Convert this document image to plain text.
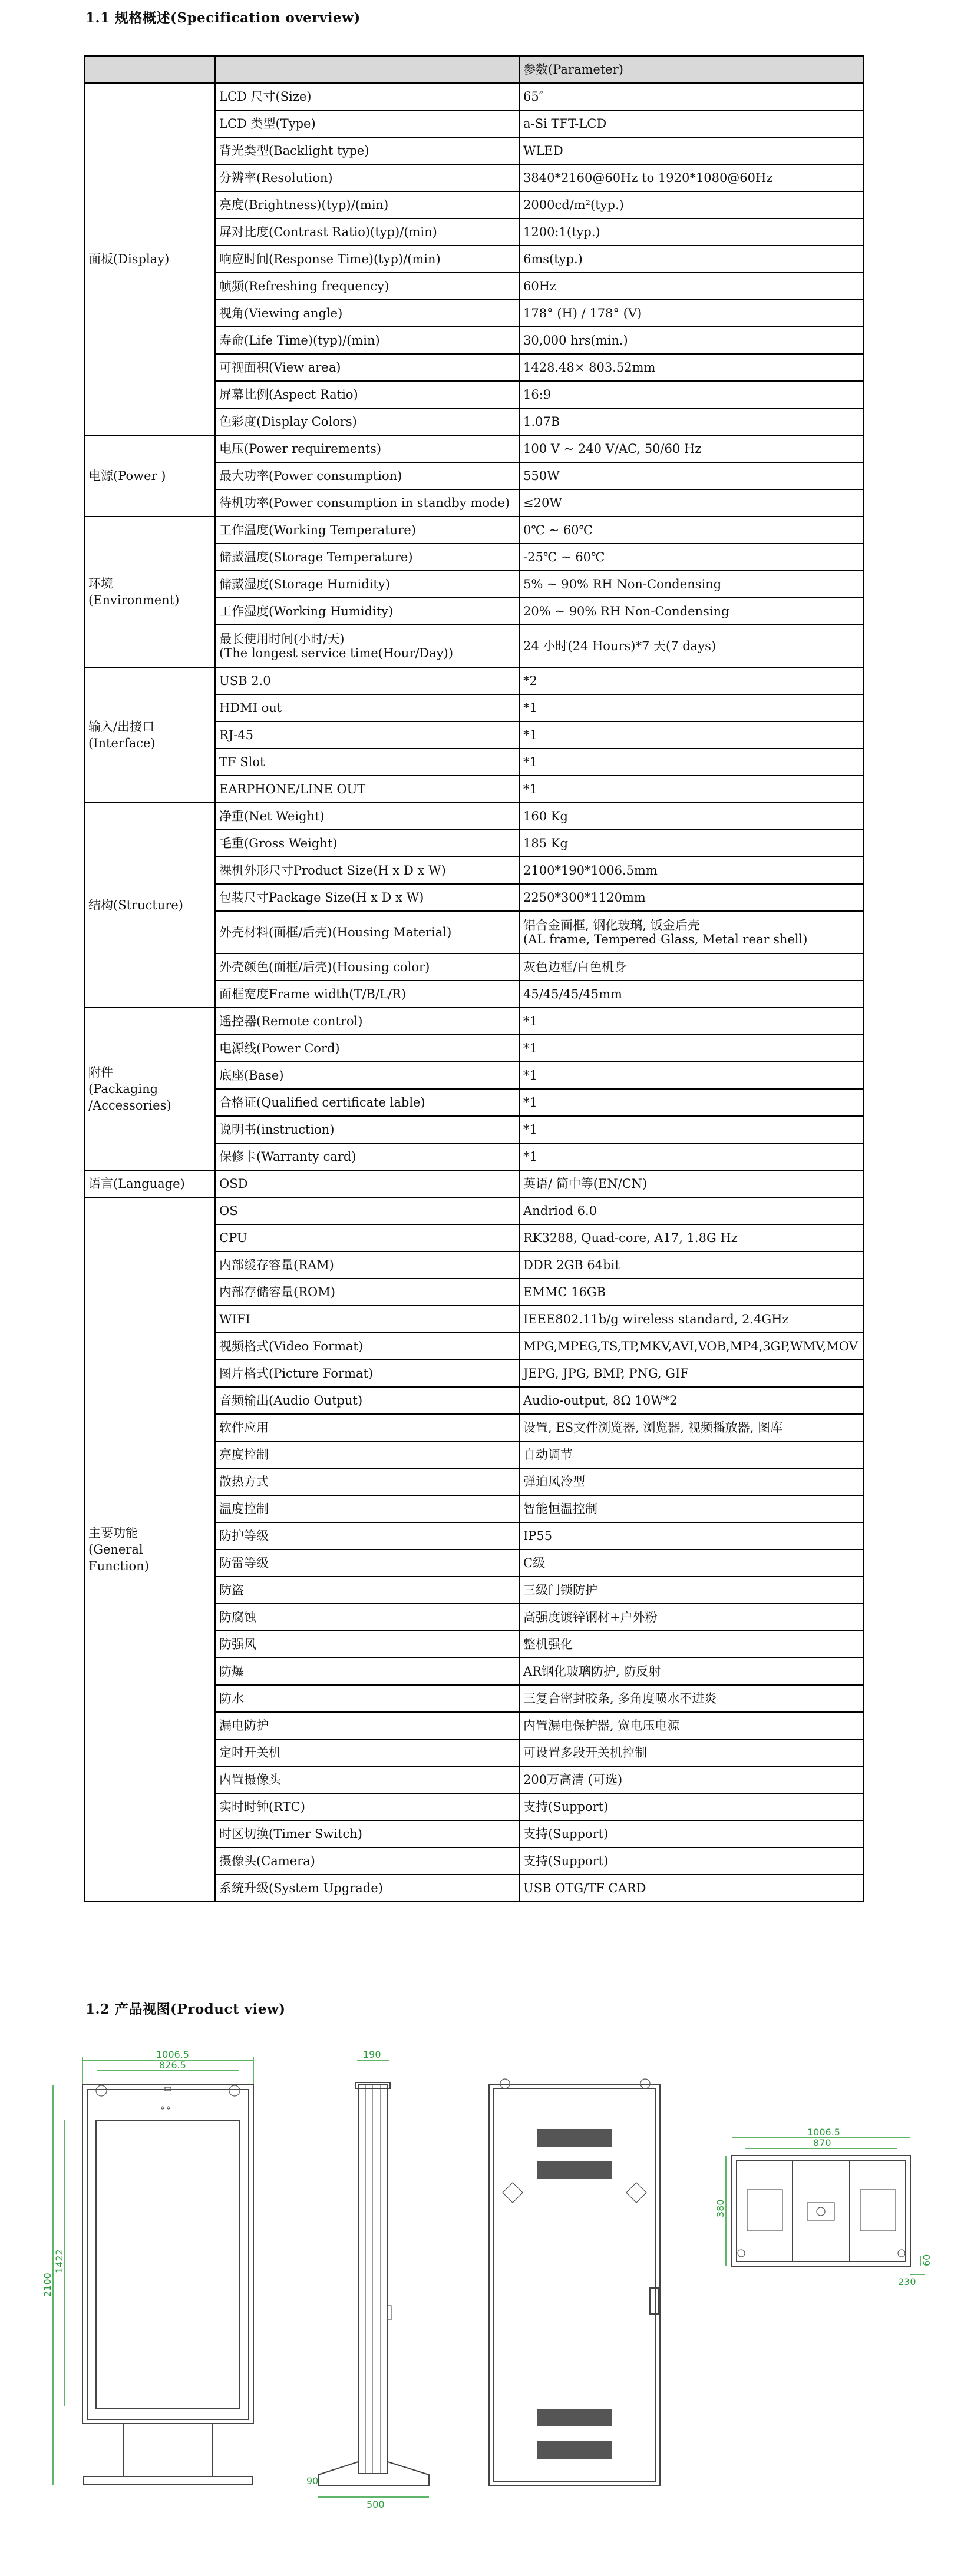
1.1 规格概述(Specification overview)
		参数(Parameter)
面板(Display)	LCD 尺寸(Size)	65″
	LCD 类型(Type)	a-Si TFT-LCD
	背光类型(Backlight type)	WLED
	分辨率(Resolution)	3840*2160@60Hz to 1920*1080@60Hz
	亮度(Brightness)(typ)/(min)	2000cd/m²(typ.)
	屏对比度(Contrast Ratio)(typ)/(min)	1200:1(typ.)
	响应时间(Response Time)(typ)/(min)	6ms(typ.)
	帧频(Refreshing frequency)	60Hz
	视角(Viewing angle)	178° (H) / 178° (V)
	寿命(Life Time)(typ)/(min)	30,000 hrs(min.)
	可视面积(View area)	1428.48× 803.52mm
	屏幕比例(Aspect Ratio)	16:9
	色彩度(Display Colors)	1.07B
电源(Power )	电压(Power requirements)	100 V ~ 240 V/AC, 50/60 Hz
	最大功率(Power consumption)	550W
	待机功率(Power consumption in standby mode)	≤20W
环境
(Environment)	工作温度(Working Temperature)	0℃ ~ 60℃
	储藏温度(Storage Temperature)	-25℃ ~ 60℃
	储藏湿度(Storage Humidity)	5% ~ 90% RH Non-Condensing
	工作湿度(Working Humidity)	20% ~ 90% RH Non-Condensing
	最长使用时间(小时/天)
(The longest service time(Hour/Day))	24 小时(24 Hours)*7 天(7 days)
输入/出接口
(Interface)	USB 2.0	*2
	HDMI out	*1
	RJ-45	*1
	TF Slot	*1
	EARPHONE/LINE OUT	*1
结构(Structure)	净重(Net Weight)	160 Kg
	毛重(Gross Weight)	185 Kg
	裸机外形尺寸Product Size(H x D x W)	2100*190*1006.5mm
	包装尺寸Package Size(H x D x W)	2250*300*1120mm
	外壳材料(面框/后壳)(Housing Material)	铝合金面框, 钢化玻璃, 钣金后壳
(AL frame, Tempered Glass, Metal rear shell)
	外壳颜色(面框/后壳)(Housing color)	灰色边框/白色机身
	面框宽度Frame width(T/B/L/R)	45/45/45/45mm
附件
(Packaging
/Accessories)	遥控器(Remote control)	*1
	电源线(Power Cord)	*1
	底座(Base)	*1
	合格证(Qualified certificate lable)	*1
	说明书(instruction)	*1
	保修卡(Warranty card)	*1
语言(Language)	OSD	英语/ 简中等(EN/CN)
主要功能
(General
Function)	OS	Andriod 6.0
	CPU	RK3288, Quad-core, A17, 1.8G Hz
	内部缓存容量(RAM)	DDR 2GB 64bit
	内部存储容量(ROM)	EMMC 16GB
	WIFI	IEEE802.11b/g wireless standard, 2.4GHz
	视频格式(Video Format)	MPG,MPEG,TS,TP,MKV,AVI,VOB,MP4,3GP,WMV,MOV
	图片格式(Picture Format)	JEPG, JPG, BMP, PNG, GIF
	音频输出(Audio Output)	Audio-output, 8Ω 10W*2
	软件应用	设置, ES文件浏览器, 浏览器, 视频播放器, 图库
	亮度控制	自动调节
	散热方式	弹迫风冷型
	温度控制	智能恒温控制
	防护等级	IP55
	防雷等级	C级
	防盗	三级门锁防护
	防腐蚀	高强度镀锌钢材+户外粉
	防强风	整机强化
	防爆	AR钢化玻璃防护, 防反射
	防水	三复合密封胶条, 多角度喷水不进炎
	漏电防护	内置漏电保护器, 宽电压电源
	定时开关机	可设置多段开关机控制
	内置摄像头	200万高清 (可选)
	实时时钟(RTC)	支持(Support)
	时区切换(Timer Switch)	支持(Support)
	摄像头(Camera)	支持(Support)
	系统升级(System Upgrade)	USB OTG/TF CARD
1.2 产品视图(Product view)
1006.5
826.5
2100
1422
190
500
90
1006.5
870
380
230
60
